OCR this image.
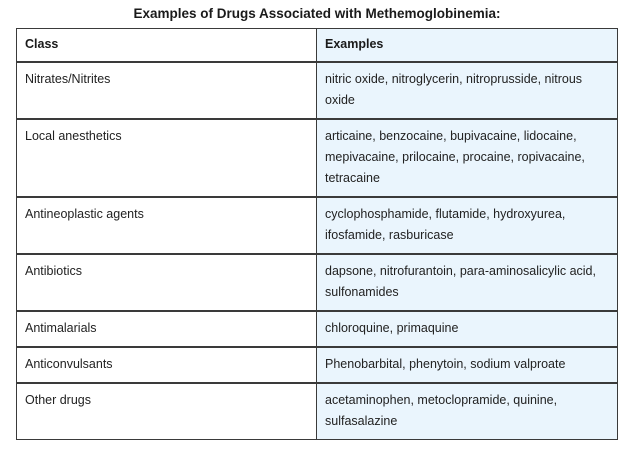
Examples of Drugs Associated with Methemoglobinemia:
Class	Examples
Nitrates/Nitrites	nitric oxide, nitroglycerin, nitroprusside, nitrous oxide
Local anesthetics	articaine, benzocaine, bupivacaine, lidocaine, mepivacaine, prilocaine, procaine, ropivacaine, tetracaine
Antineoplastic agents	cyclophosphamide, flutamide, hydroxyurea, ifosfamide, rasburicase
Antibiotics	dapsone, nitrofurantoin, para-aminosalicylic acid, sulfonamides
Antimalarials	chloroquine, primaquine
Anticonvulsants	Phenobarbital, phenytoin, sodium valproate
Other drugs	acetaminophen, metoclopramide, quinine, sulfasalazine
